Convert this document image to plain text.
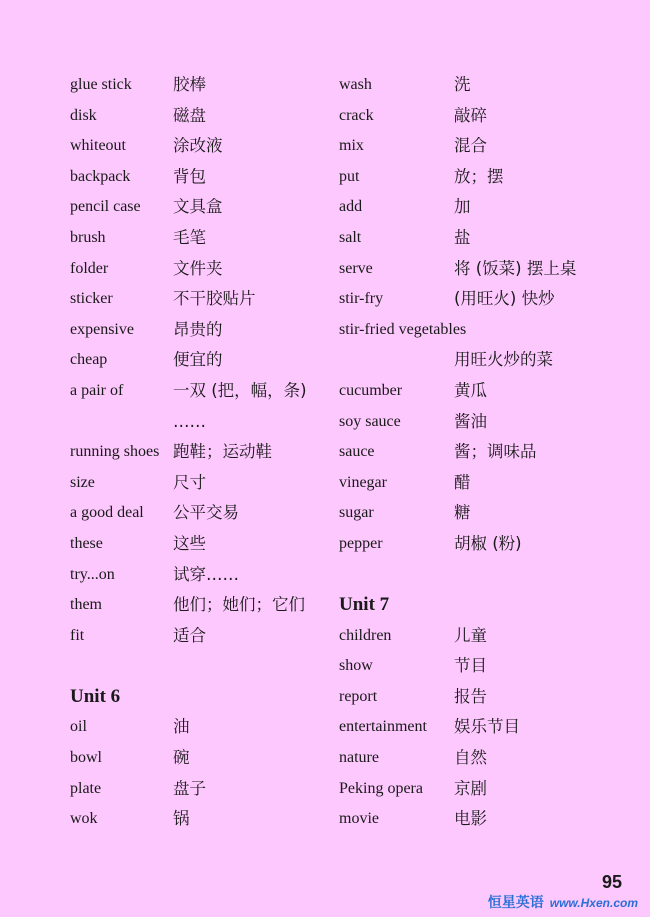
glue stick 胶棒
disk	磁盘
whiteout	涂改液
backpack	背包
pencil case 文具盒
brush	毛笔
folder	文件夹
sticker	不干胶贴片
expensive 昂贵的
cheap	便宜的
a pair of	一双 (把，幅，条)
……
running shoes 跑鞋；运动鞋
size	尺寸
a good deal 公平交易
these	这些
try...on	试穿……
them	他们；她们；它们
fit	适合
Unit 6
oil	油
bowl	碗
plate	盘子
wok	锅
wash	洗
crack	敲碎
mix	混合
put	放；摆
add	加
salt	盐
serve	将 (饭菜) 摆上桌
stir-fry	(用旺火) 快炒
stir-fried vegetables
用旺火炒的菜
cucumber	黄瓜
soy sauce	酱油
sauce	酱；调味品
vinegar	醋
sugar	糖
pepper	胡椒 (粉)
Unit 7
children	儿童
show	节目
report	报告
entertainment 娱乐节目
nature	自然
Peking opera 京剧
movie	电影
95
恒星英语 www.Hxen.com
